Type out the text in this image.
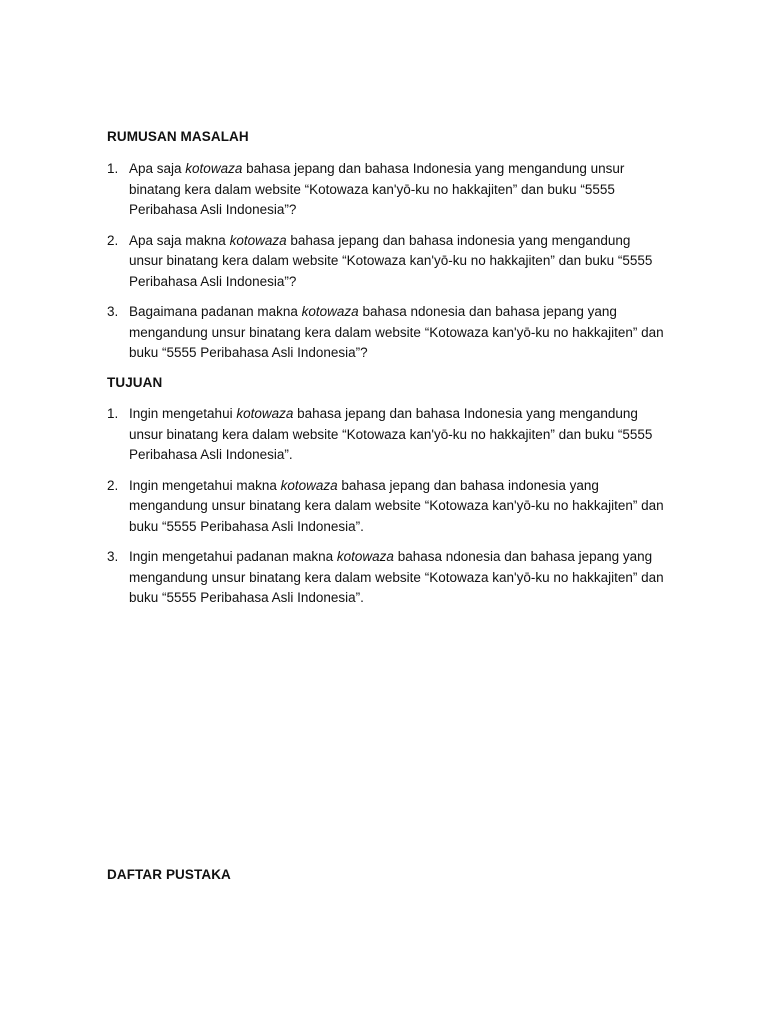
RUMUSAN MASALAH
1. Apa saja kotowaza bahasa jepang dan bahasa Indonesia yang mengandung unsur binatang kera dalam website “Kotowaza kan'yō-ku no hakkajiten” dan buku “5555 Peribahasa Asli Indonesia”?
2. Apa saja makna kotowaza bahasa jepang dan bahasa indonesia yang mengandung unsur binatang kera dalam website “Kotowaza kan'yō-ku no hakkajiten” dan buku “5555 Peribahasa Asli Indonesia”?
3. Bagaimana padanan makna kotowaza bahasa ndonesia dan bahasa jepang yang mengandung unsur binatang kera dalam website “Kotowaza kan'yō-ku no hakkajiten” dan buku “5555 Peribahasa Asli Indonesia”?
TUJUAN
1. Ingin mengetahui kotowaza bahasa jepang dan bahasa Indonesia yang mengandung unsur binatang kera dalam website “Kotowaza kan'yō-ku no hakkajiten” dan buku “5555 Peribahasa Asli Indonesia”.
2. Ingin mengetahui makna kotowaza bahasa jepang dan bahasa indonesia yang mengandung unsur binatang kera dalam website “Kotowaza kan'yō-ku no hakkajiten” dan buku “5555 Peribahasa Asli Indonesia”.
3. Ingin mengetahui padanan makna kotowaza bahasa ndonesia dan bahasa jepang yang mengandung unsur binatang kera dalam website “Kotowaza kan'yō-ku no hakkajiten” dan buku “5555 Peribahasa Asli Indonesia”.
DAFTAR PUSTAKA
